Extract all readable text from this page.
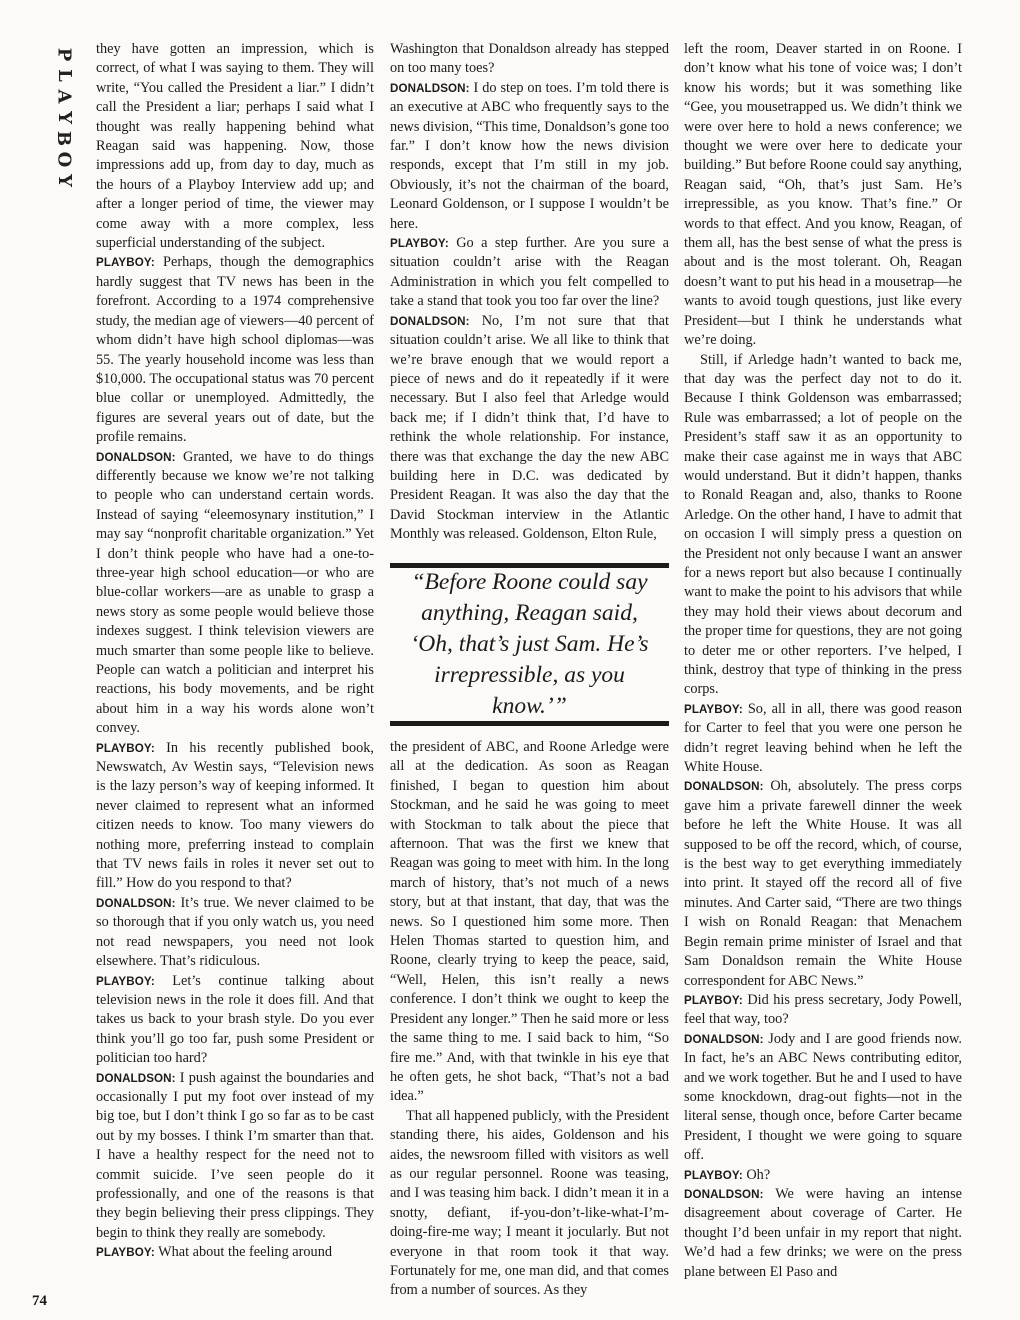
P
L
A
Y
B
O
Y

they have gotten an impression, which is correct, of what I was saying to them. They will write, “You called the President a liar.” I didn’t call the President a liar; perhaps I said what I thought was really happening behind what Reagan said was happening. Now, those impressions add up, from day to day, much as the hours of a Playboy Interview add up; and after a longer period of time, the viewer may come away with a more complex, less superficial understanding of the subject.

PLAYBOY: Perhaps, though the demographics hardly suggest that TV news has been in the forefront. According to a 1974 comprehensive study, the median age of viewers—40 percent of whom didn’t have high school diplomas—was 55. The yearly household income was less than $10,000. The occupational status was 70 percent blue collar or unemployed. Admittedly, the figures are several years out of date, but the profile remains.

DONALDSON: Granted, we have to do things differently because we know we’re not talking to people who can understand certain words. Instead of saying “eleemosynary institution,” I may say “nonprofit charitable organization.” Yet I don’t think people who have had a one-to-three-year high school education—or who are blue-collar workers—are as unable to grasp a news story as some people would believe those indexes suggest. I think television viewers are much smarter than some people like to believe. People can watch a politician and interpret his reactions, his body movements, and be right about him in a way his words alone won’t convey.

PLAYBOY: In his recently published book, Newswatch, Av Westin says, “Television news is the lazy person’s way of keeping informed. It never claimed to represent what an informed citizen needs to know. Too many viewers do nothing more, preferring instead to complain that TV news fails in roles it never set out to fill.” How do you respond to that?

DONALDSON: It’s true. We never claimed to be so thorough that if you only watch us, you need not read newspapers, you need not look elsewhere. That’s ridiculous.

PLAYBOY: Let’s continue talking about television news in the role it does fill. And that takes us back to your brash style. Do you ever think you’ll go too far, push some President or politician too hard?

DONALDSON: I push against the boundaries and occasionally I put my foot over instead of my big toe, but I don’t think I go so far as to be cast out by my bosses. I think I’m smarter than that. I have a healthy respect for the need not to commit suicide. I’ve seen people do it professionally, and one of the reasons is that they begin believing their press clippings. They begin to think they really are somebody.

PLAYBOY: What about the feeling around

Washington that Donaldson already has stepped on too many toes?

DONALDSON: I do step on toes. I’m told there is an executive at ABC who frequently says to the news division, “This time, Donaldson’s gone too far.” I don’t know how the news division responds, except that I’m still in my job. Obviously, it’s not the chairman of the board, Leonard Goldenson, or I suppose I wouldn’t be here.

PLAYBOY: Go a step further. Are you sure a situation couldn’t arise with the Reagan Administration in which you felt compelled to take a stand that took you too far over the line?

DONALDSON: No, I’m not sure that that situation couldn’t arise. We all like to think that we’re brave enough that we would report a piece of news and do it repeatedly if it were necessary. But I also feel that Arledge would back me; if I didn’t think that, I’d have to rethink the whole relationship. For instance, there was that exchange the day the new ABC building here in D.C. was dedicated by President Reagan. It was also the day that the David Stockman interview in the Atlantic Monthly was released. Goldenson, Elton Rule,

“Before Roone could say anything, Reagan said, ‘Oh, that’s just Sam. He’s irrepressible, as you know.’”

the president of ABC, and Roone Arledge were all at the dedication. As soon as Reagan finished, I began to question him about Stockman, and he said he was going to meet with Stockman to talk about the piece that afternoon. That was the first we knew that Reagan was going to meet with him. In the long march of history, that’s not much of a news story, but at that instant, that day, that was the news. So I questioned him some more. Then Helen Thomas started to question him, and Roone, clearly trying to keep the peace, said, “Well, Helen, this isn’t really a news conference. I don’t think we ought to keep the President any longer.” Then he said more or less the same thing to me. I said back to him, “So fire me.” And, with that twinkle in his eye that he often gets, he shot back, “That’s not a bad idea.”

That all happened publicly, with the President standing there, his aides, Goldenson and his aides, the newsroom filled with visitors as well as our regular personnel. Roone was teasing, and I was teasing him back. I didn’t mean it in a snotty, defiant, if-you-don’t-like-what-I’m-doing-fire-me way; I meant it jocularly. But not everyone in that room took it that way. Fortunately for me, one man did, and that comes from a number of sources. As they

left the room, Deaver started in on Roone. I don’t know what his tone of voice was; I don’t know his words; but it was something like “Gee, you mousetrapped us. We didn’t think we were over here to hold a news conference; we thought we were over here to dedicate your building.” But before Roone could say anything, Reagan said, “Oh, that’s just Sam. He’s irrepressible, as you know. That’s fine.” Or words to that effect. And you know, Reagan, of them all, has the best sense of what the press is about and is the most tolerant. Oh, Reagan doesn’t want to put his head in a mousetrap—he wants to avoid tough questions, just like every President—but I think he understands what we’re doing.

Still, if Arledge hadn’t wanted to back me, that day was the perfect day not to do it. Because I think Goldenson was embarrassed; Rule was embarrassed; a lot of people on the President’s staff saw it as an opportunity to make their case against me in ways that ABC would understand. But it didn’t happen, thanks to Ronald Reagan and, also, thanks to Roone Arledge. On the other hand, I have to admit that on occasion I will simply press a question on the President not only because I want an answer for a news report but also because I continually want to make the point to his advisors that while they may hold their views about decorum and the proper time for questions, they are not going to deter me or other reporters. I’ve helped, I think, destroy that type of thinking in the press corps.

PLAYBOY: So, all in all, there was good reason for Carter to feel that you were one person he didn’t regret leaving behind when he left the White House.

DONALDSON: Oh, absolutely. The press corps gave him a private farewell dinner the week before he left the White House. It was all supposed to be off the record, which, of course, is the best way to get everything immediately into print. It stayed off the record all of five minutes. And Carter said, “There are two things I wish on Ronald Reagan: that Menachem Begin remain prime minister of Israel and that Sam Donaldson remain the White House correspondent for ABC News.”

PLAYBOY: Did his press secretary, Jody Powell, feel that way, too?

DONALDSON: Jody and I are good friends now. In fact, he’s an ABC News contributing editor, and we work together. But he and I used to have some knockdown, drag-out fights—not in the literal sense, though once, before Carter became President, I thought we were going to square off.

PLAYBOY: Oh?

DONALDSON: We were having an intense disagreement about coverage of Carter. He thought I’d been unfair in my report that night. We’d had a few drinks; we were on the press plane between El Paso and

74
